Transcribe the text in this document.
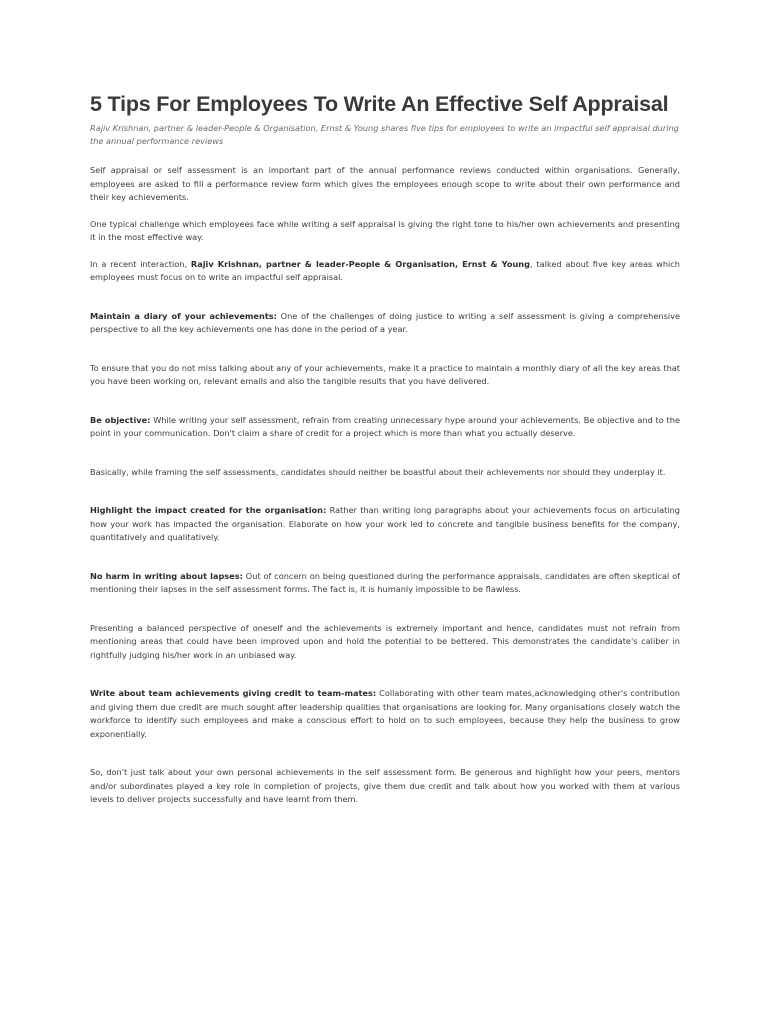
5 Tips For Employees To Write An Effective Self Appraisal

Rajiv Krishnan, partner & leader-People & Organisation, Ernst & Young shares five tips for employees to write an impactful self appraisal during the annual performance reviews

Self appraisal or self assessment is an important part of the annual performance reviews conducted within organisations. Generally, employees are asked to fill a performance review form which gives the employees enough scope to write about their own performance and their key achievements.

One typical challenge which employees face while writing a self appraisal is giving the right tone to his/her own achievements and presenting it in the most effective way.

In a recent interaction, Rajiv Krishnan, partner & leader-People & Organisation, Ernst & Young, talked about five key areas which employees must focus on to write an impactful self appraisal.

Maintain a diary of your achievements: One of the challenges of doing justice to writing a self assessment is giving a comprehensive perspective to all the key achievements one has done in the period of a year.

To ensure that you do not miss talking about any of your achievements, make it a practice to maintain a monthly diary of all the key areas that you have been working on, relevant emails and also the tangible results that you have delivered.

Be objective: While writing your self assessment, refrain from creating unnecessary hype around your achievements. Be objective and to the point in your communication. Don't claim a share of credit for a project which is more than what you actually deserve.

Basically, while framing the self assessments, candidates should neither be boastful about their achievements nor should they underplay it.

Highlight the impact created for the organisation: Rather than writing long paragraphs about your achievements focus on articulating how your work has impacted the organisation. Elaborate on how your work led to concrete and tangible business benefits for the company, quantitatively and qualitatively.

No harm in writing about lapses: Out of concern on being questioned during the performance appraisals, candidates are often skeptical of mentioning their lapses in the self assessment forms. The fact is, it is humanly impossible to be flawless.

Presenting a balanced perspective of oneself and the achievements is extremely important and hence, candidates must not refrain from mentioning areas that could have been improved upon and hold the potential to be bettered. This demonstrates the candidate's caliber in rightfully judging his/her work in an unbiased way.

Write about team achievements giving credit to team-mates: Collaborating with other team mates,acknowledging other's contribution and giving them due credit are much sought after leadership qualities that organisations are looking for. Many organisations closely watch the workforce to identify such employees and make a conscious effort to hold on to such employees, because they help the business to grow exponentially.

So, don't just talk about your own personal achievements in the self assessment form. Be generous and highlight how your peers, mentors and/or subordinates played a key role in completion of projects, give them due credit and talk about how you worked with them at various levels to deliver projects successfully and have learnt from them.
